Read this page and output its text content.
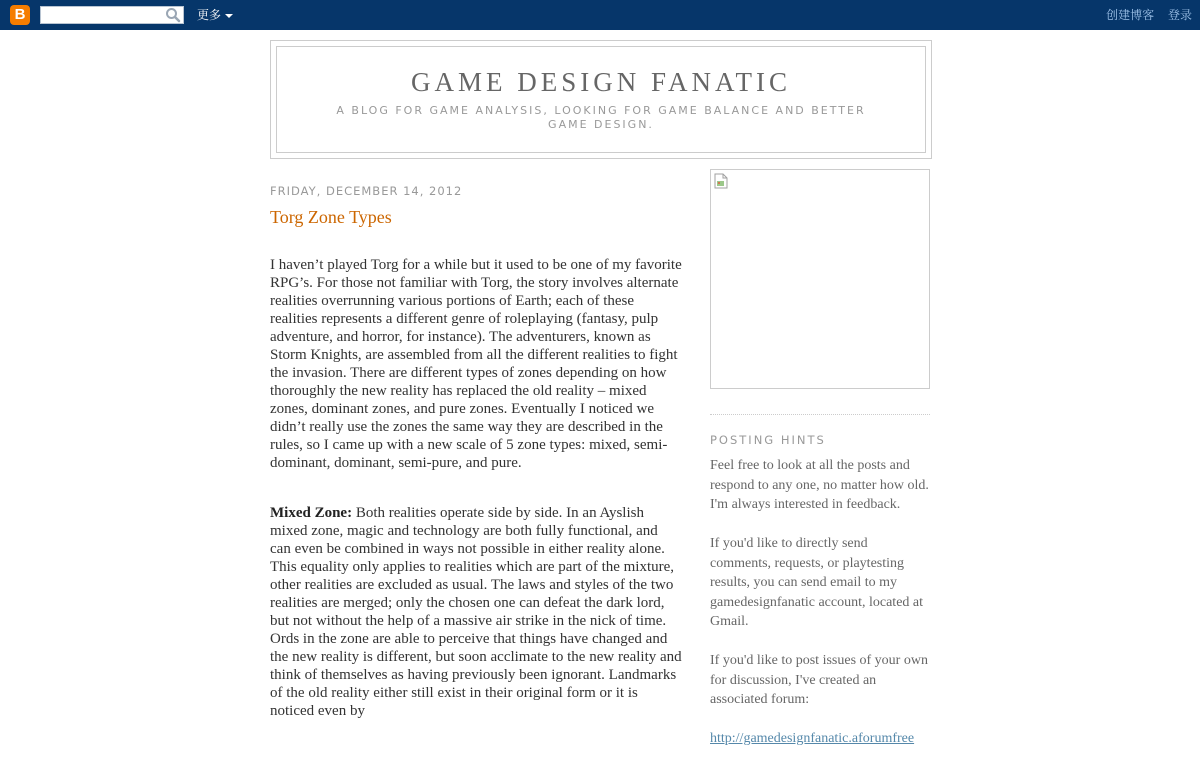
B	更多	创建博客 登录
GAME DESIGN FANATIC
A BLOG FOR GAME ANALYSIS, LOOKING FOR GAME BALANCE AND BETTER GAME DESIGN.
FRIDAY, DECEMBER 14, 2012
Torg Zone Types

I haven’t played Torg for a while but it used to be one of my favorite RPG’s. For those not familiar with Torg, the story involves alternate realities overrunning various portions of Earth; each of these realities represents a different genre of roleplaying (fantasy, pulp adventure, and horror, for instance). The adventurers, known as Storm Knights, are assembled from all the different realities to fight the invasion. There are different types of zones depending on how thoroughly the new reality has replaced the old reality – mixed zones, dominant zones, and pure zones. Eventually I noticed we didn’t really use the zones the same way they are described in the rules, so I came up with a new scale of 5 zone types: mixed, semi-dominant, dominant, semi-pure, and pure.

Mixed Zone: Both realities operate side by side. In an Ayslish mixed zone, magic and technology are both fully functional, and can even be combined in ways not possible in either reality alone. This equality only applies to realities which are part of the mixture, other realities are excluded as usual. The laws and styles of the two realities are merged; only the chosen one can defeat the dark lord, but not without the help of a massive air strike in the nick of time. Ords in the zone are able to perceive that things have changed and the new reality is different, but soon acclimate to the new reality and think of themselves as having previously been ignorant. Landmarks of the old reality either still exist in their original form or it is noticed even by

POSTING HINTS

Feel free to look at all the posts and respond to any one, no matter how old. I'm always interested in feedback.

If you'd like to directly send comments, requests, or playtesting results, you can send email to my gamedesignfanatic account, located at Gmail.

If you'd like to post issues of your own for discussion, I've created an associated forum:

http://gamedesignfanatic.aforumfree
